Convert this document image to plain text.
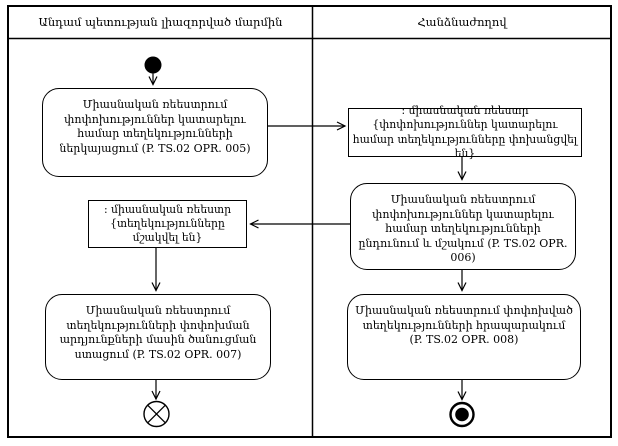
Անդամ պետության լիազորված մարմին	Հանձնաժողով
Միասնական ռեեստրում փոփոխություններ կատարելու համար տեղեկությունների ներկայացում (P. TS.02 OPR. 005)
: միասնական ռեեստր {փոփոխություններ կատարելու համար տեղեկությունները փոխանցվել են}
Միասնական ռեեստրում փոփոխություններ կատարելու համար տեղեկությունների ընդունում և մշակում (P. TS.02 OPR. 006)
: միասնական ռեեստր {տեղեկությունները մշակվել են}
Միասնական ռեեստրում տեղեկությունների փոփոխման արդյունքների մասին ծանուցման ստացում (P. TS.02 OPR. 007)
Միասնական ռեեստրում փոփոխված տեղեկությունների հրապարակում (P. TS.02 OPR. 008)
